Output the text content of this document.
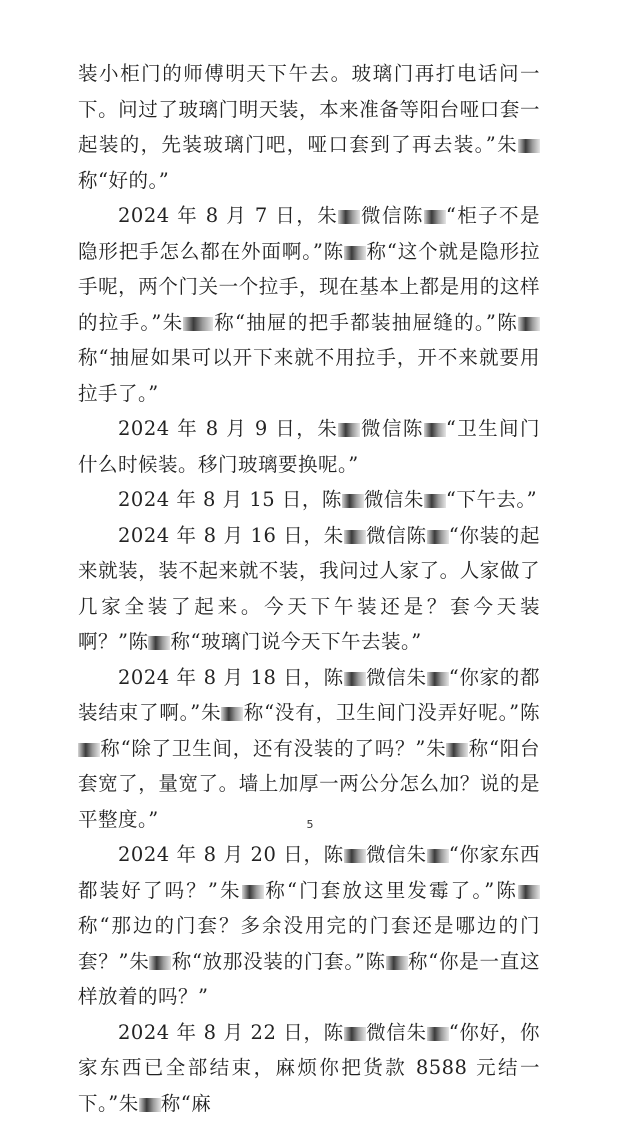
装小柜门的师傅明天下午去。玻璃门再打电话问一下。问过了玻璃门明天装，本来准备等阳台哑口套一起装的，先装玻璃门吧，哑口套到了再去装。”朱称“好的。”

2024 年 8 月 7 日，朱 微信陈 “柜子不是隐形把手怎么都在外面啊。”陈 称“这个就是隐形拉手呢，两个门关一个拉手，现在基本上都是用的这样的拉手。”朱 称“抽屉的把手都装抽屉缝的。”陈称“抽屉如果可以开下来就不用拉手，开不来就要用拉手了。”

2024 年 8 月 9 日，朱 微信陈 “卫生间门什么时候装。移门玻璃要换呢。”

2024 年 8 月 15 日，陈 微信朱 “下午去。”

2024 年 8 月 16 日，朱 微信陈 “你装的起来就装，装不起来就不装，我问过人家了。人家做了几家全装了起来。今天下午装还是？套今天装啊？”陈 称“玻璃门说今天下午去装。”

2024 年 8 月 18 日，陈 微信朱 “你家的都装结束了啊。”朱 称“没有，卫生间门没弄好呢。”陈称“除了卫生间，还有没装的了吗？”朱 称“阳台套宽了，量宽了。墙上加厚一两公分怎么加？说的是平整度。”

2024 年 8 月 20 日，陈 微信朱 “你家东西都装好了吗？”朱 称“门套放这里发霉了。”陈称“那边的门套？多余没用完的门套还是哪边的门套？”朱 称“放那没装的门套。”陈 称“你是一直这样放着的吗？”

2024 年 8 月 22 日，陈 微信朱 “你好，你家东西已全部结束，麻烦你把货款 8588 元结一下。”朱 称“麻

5
